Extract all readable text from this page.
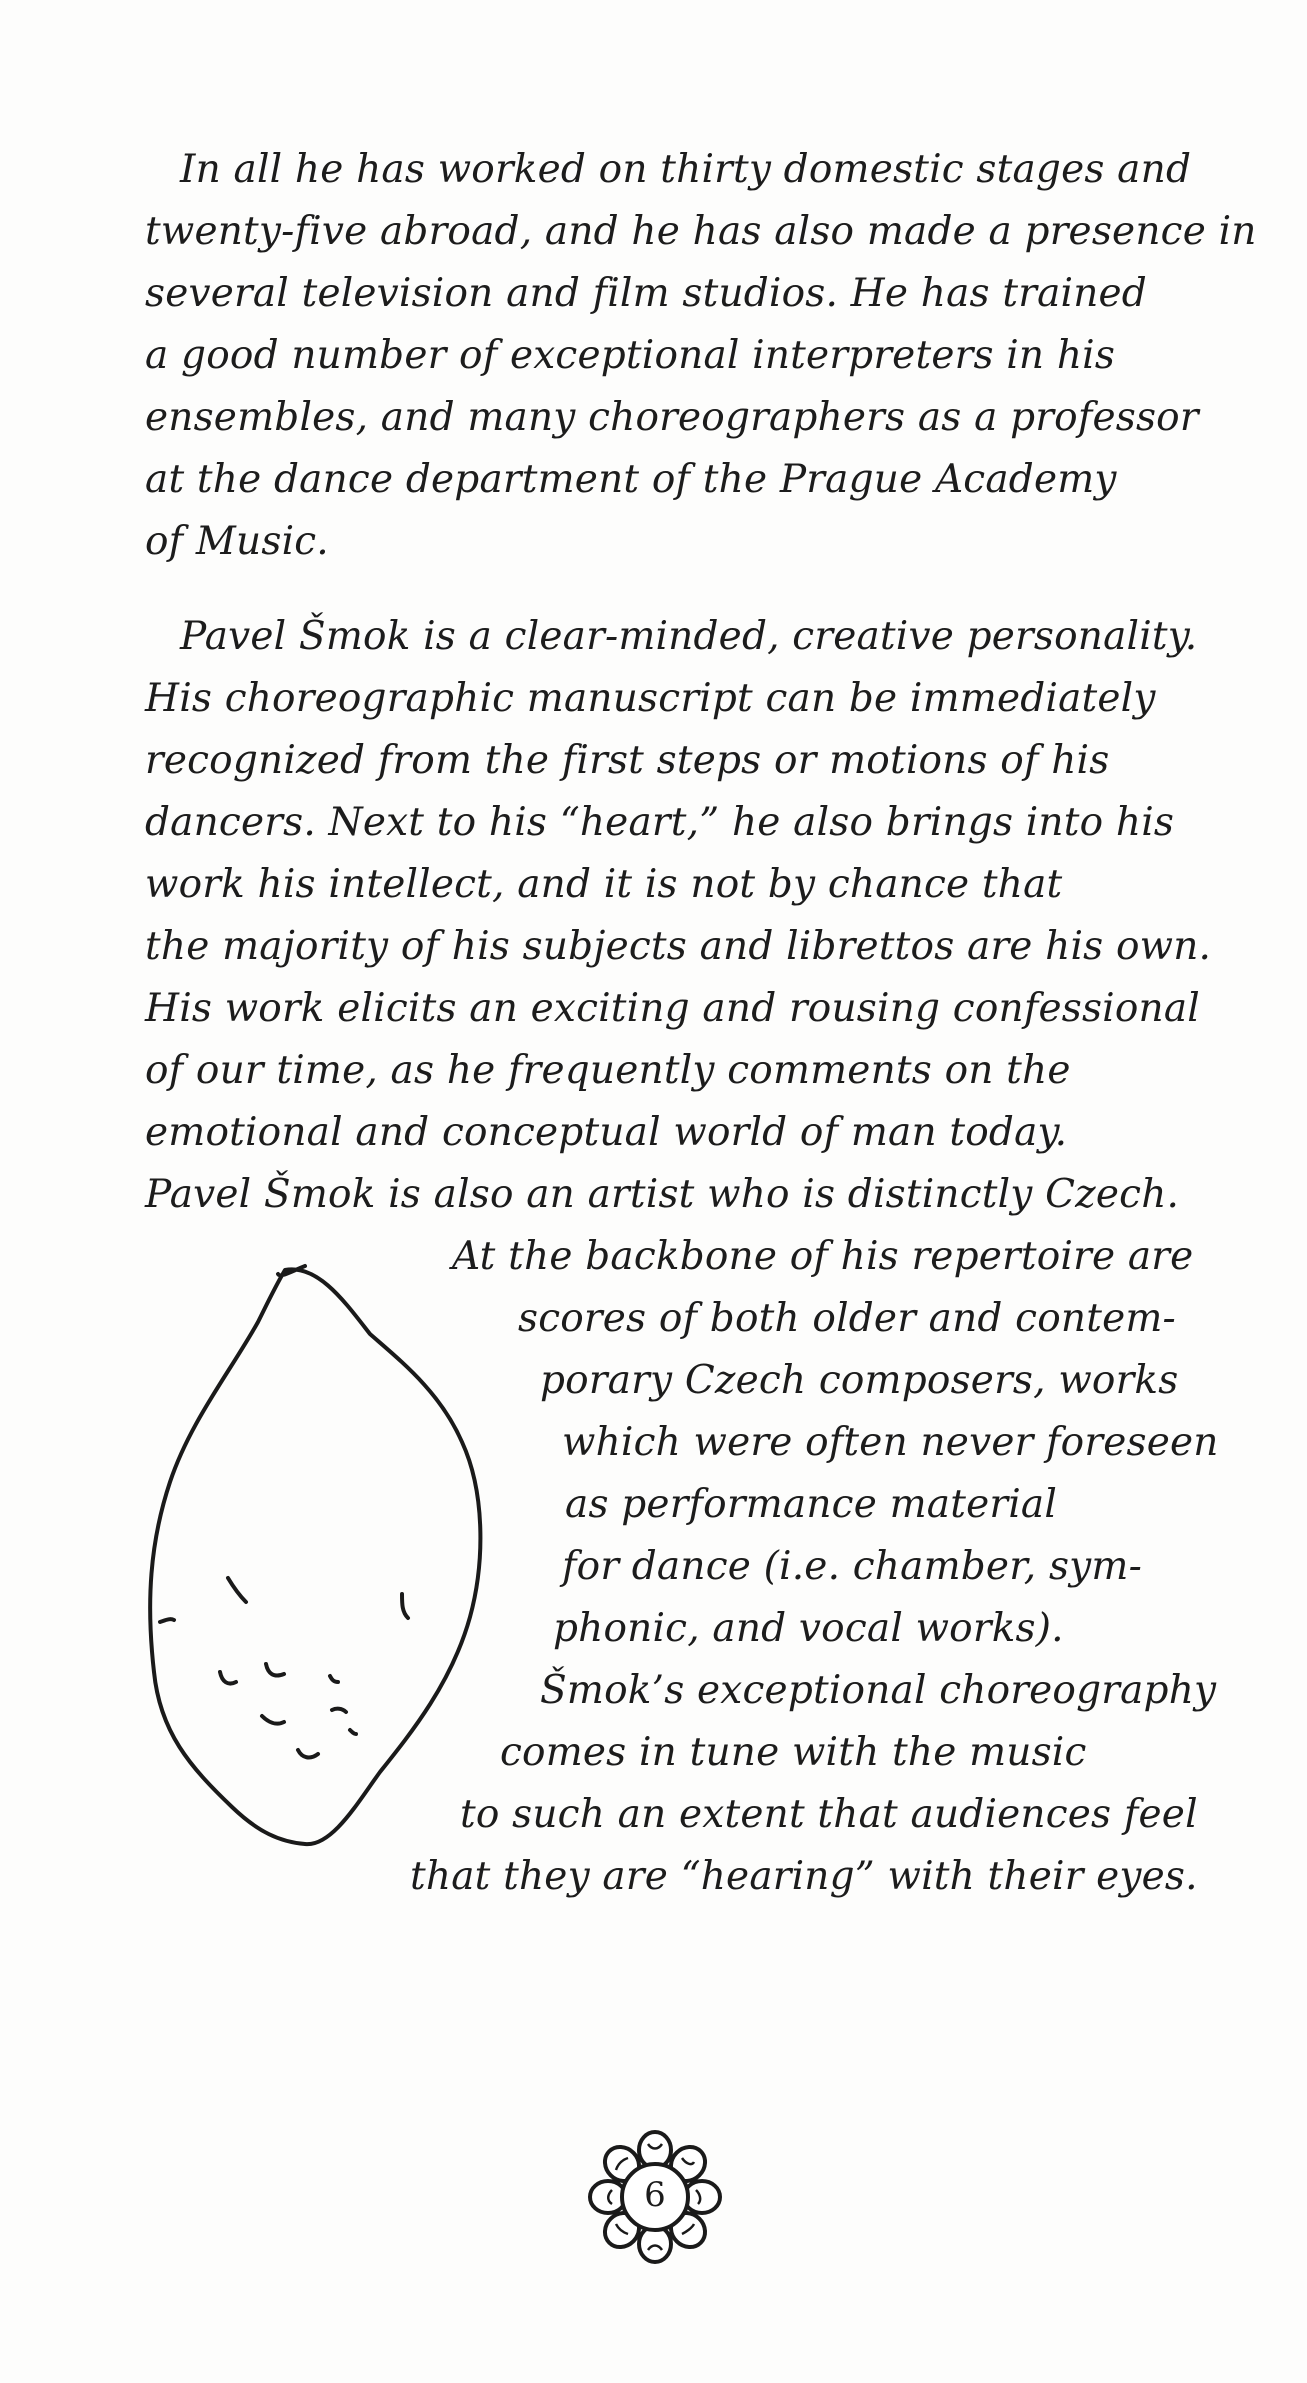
In all he has worked on thirty domestic stages and
twenty-five abroad, and he has also made a presence in
several television and film studios. He has trained
a good number of exceptional interpreters in his
ensembles, and many choreographers as a professor
at the dance department of the Prague Academy
of Music.
Pavel Šmok is a clear-minded, creative personality.
His choreographic manuscript can be immediately
recognized from the first steps or motions of his
dancers. Next to his “heart,” he also brings into his
work his intellect, and it is not by chance that
the majority of his subjects and librettos are his own.
His work elicits an exciting and rousing confessional
of our time, as he frequently comments on the
emotional and conceptual world of man today.
Pavel Šmok is also an artist who is distinctly Czech.
At the backbone of his repertoire are
scores of both older and contem-
porary Czech composers, works
which were often never foreseen
as performance material
for dance (i.e. chamber, sym-
phonic, and vocal works).
Šmok’s exceptional choreography
comes in tune with the music
to such an extent that audiences feel
that they are “hearing” with their eyes.
6
